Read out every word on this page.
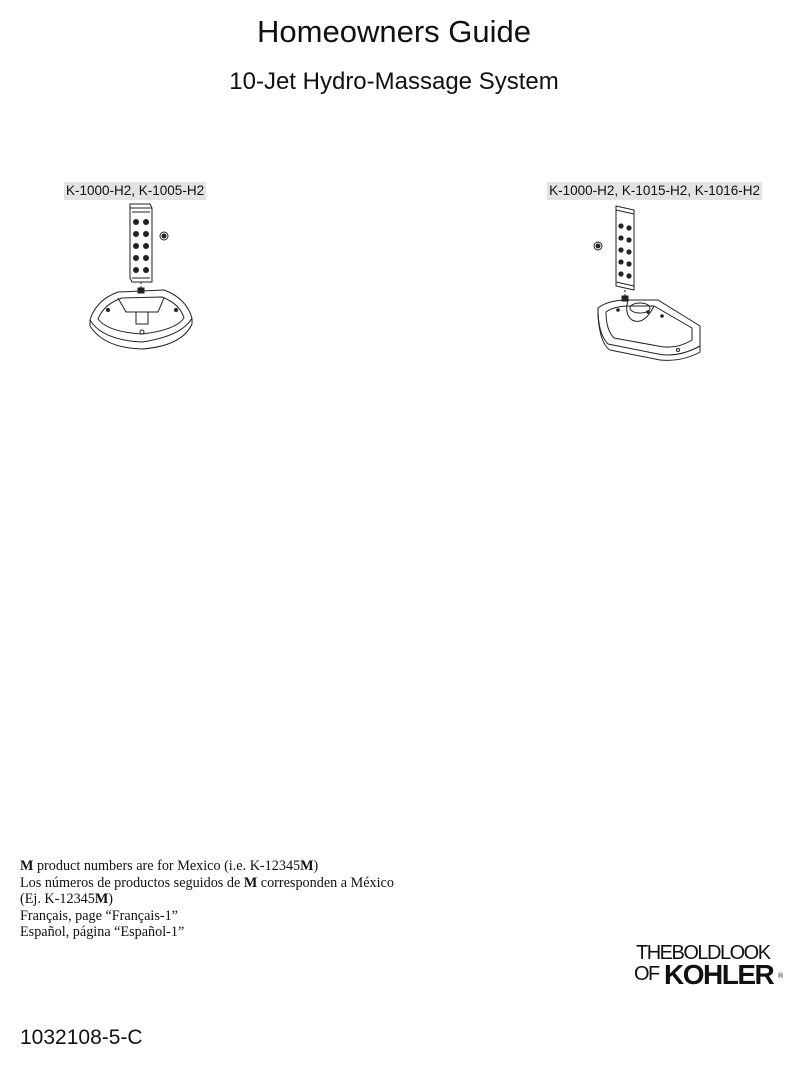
Homeowners Guide
10-Jet Hydro-Massage System
K-1000-H2, K-1005-H2	K-1000-H2, K-1015-H2, K-1016-H2
M product numbers are for Mexico (i.e. K-12345M)
Los números de productos seguidos de M corresponden a México
(Ej. K-12345M)
Français, page “Français-1”
Español, página “Español-1”
THEBOLDLOOK
OF KOHLER ®
1032108-5-C
